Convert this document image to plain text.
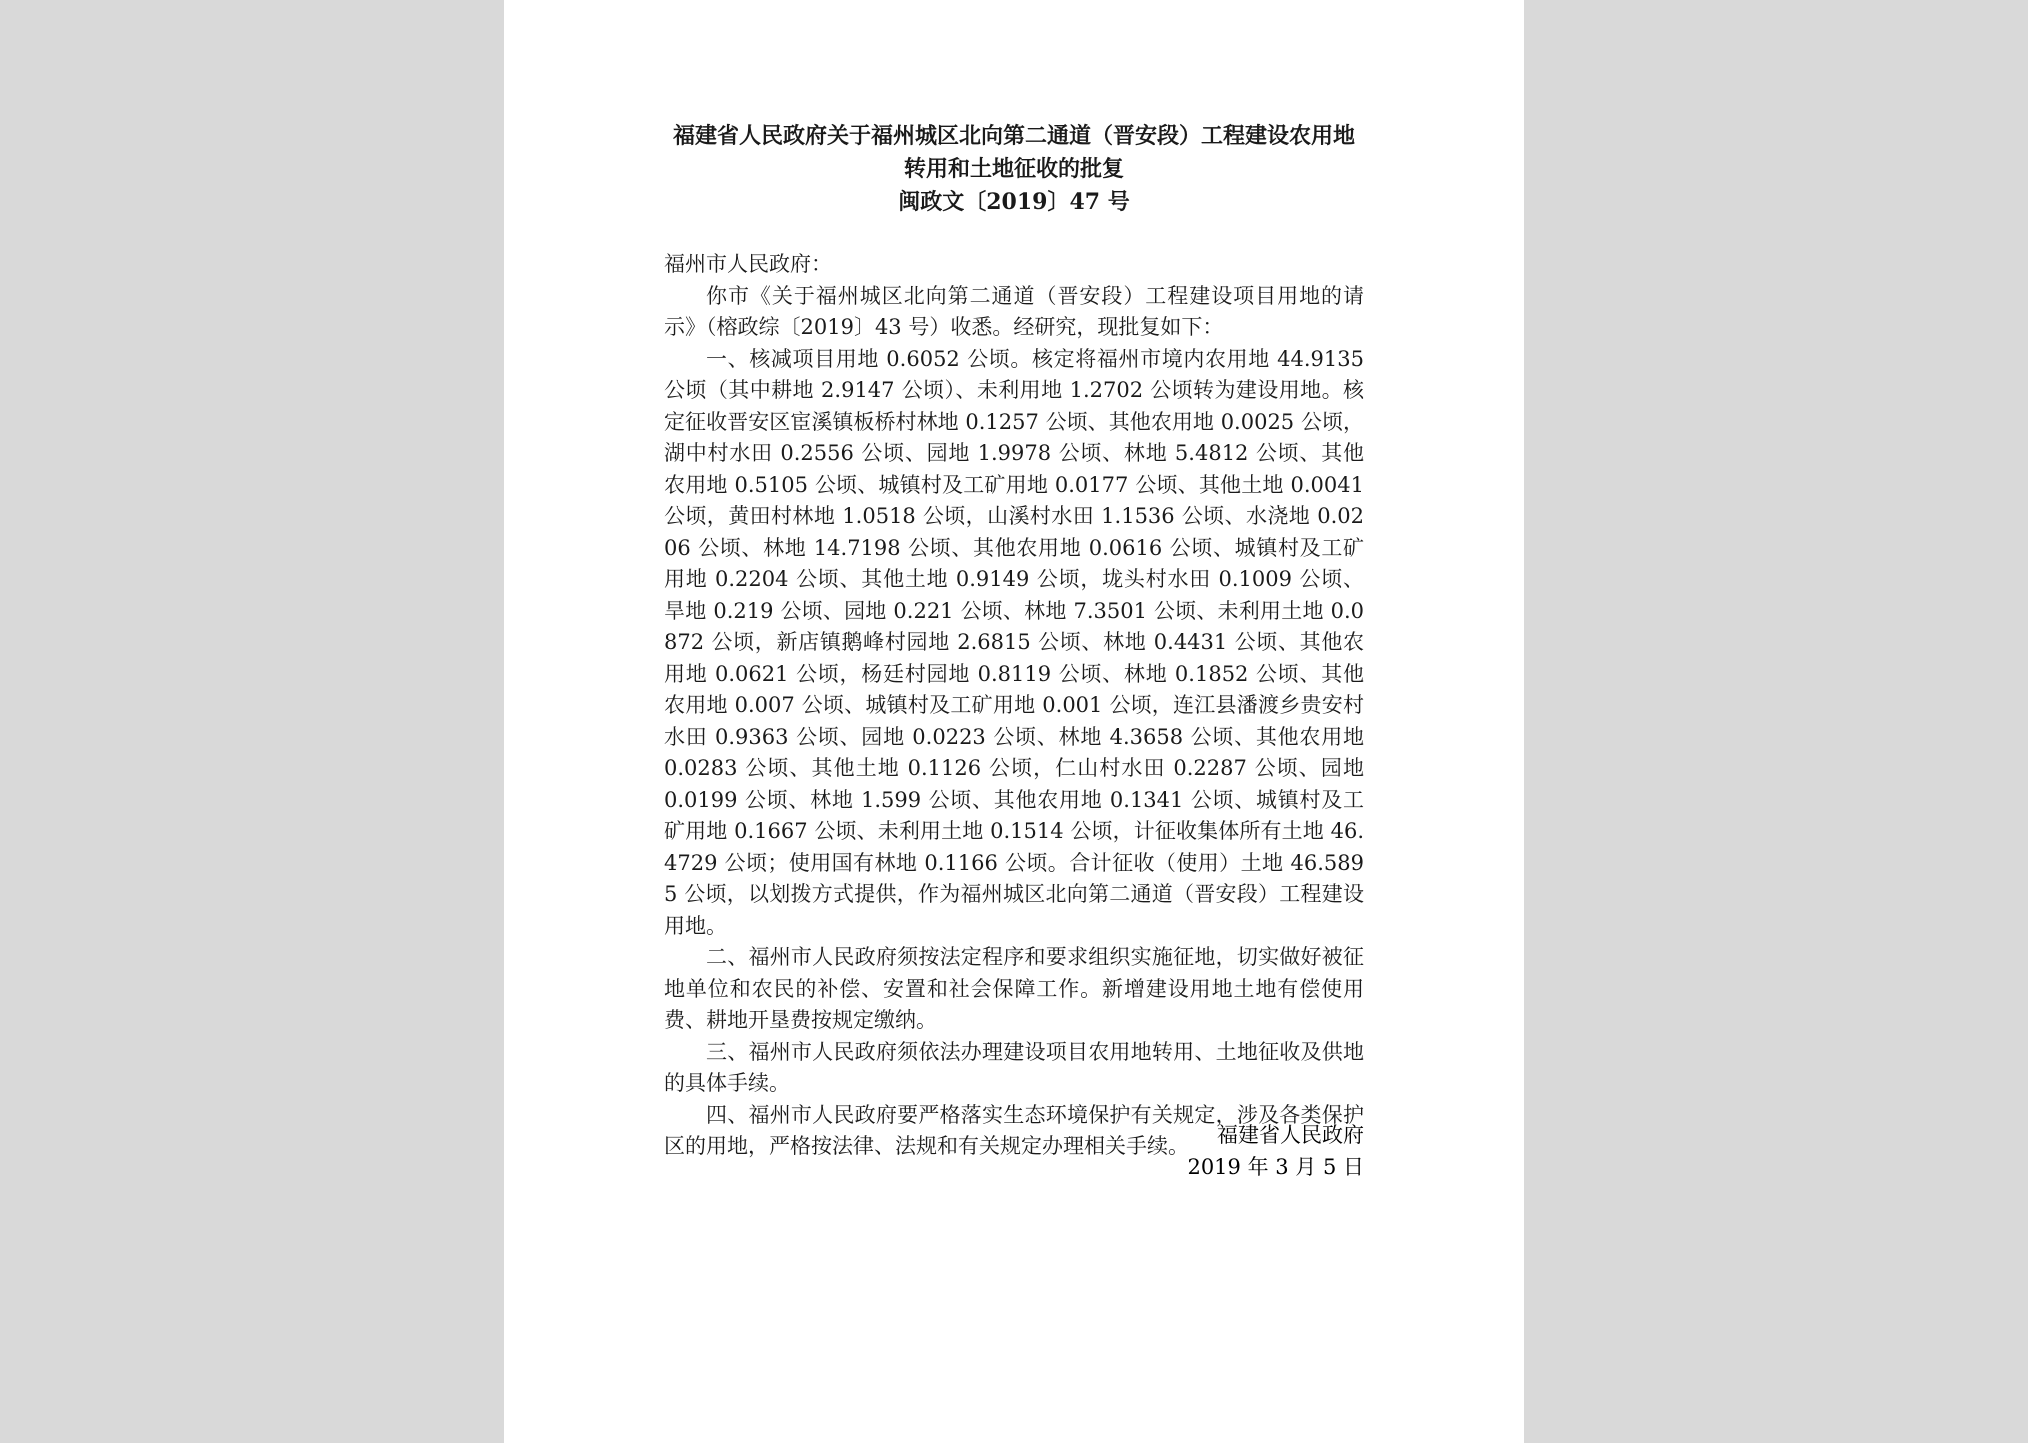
福建省人民政府关于福州城区北向第二通道（晋安段）工程建设农用地转用和土地征收的批复
闽政文〔2019〕47 号

福州市人民政府：

你市《关于福州城区北向第二通道（晋安段）工程建设项目用地的请示》（榕政综〔2019〕43 号）收悉。经研究，现批复如下：

一、核减项目用地 0.6052 公顷。核定将福州市境内农用地 44.9135 公顷（其中耕地 2.9147 公顷）、未利用地 1.2702 公顷转为建设用地。核定征收晋安区宦溪镇板桥村林地 0.1257 公顷、其他农用地 0.0025 公顷，湖中村水田 0.2556 公顷、园地 1.9978 公顷、林地 5.4812 公顷、其他农用地 0.5105 公顷、城镇村及工矿用地 0.0177 公顷、其他土地 0.0041 公顷，黄田村林地 1.0518 公顷，山溪村水田 1.1536 公顷、水浇地 0.0206 公顷、林地 14.7198 公顷、其他农用地 0.0616 公顷、城镇村及工矿用地 0.2204 公顷、其他土地 0.9149 公顷，垅头村水田 0.1009 公顷、旱地 0.219 公顷、园地 0.221 公顷、林地 7.3501 公顷、未利用土地 0.0872 公顷，新店镇鹅峰村园地 2.6815 公顷、林地 0.4431 公顷、其他农用地 0.0621 公顷，杨廷村园地 0.8119 公顷、林地 0.1852 公顷、其他农用地 0.007 公顷、城镇村及工矿用地 0.001 公顷，连江县潘渡乡贵安村水田 0.9363 公顷、园地 0.0223 公顷、林地 4.3658 公顷、其他农用地 0.0283 公顷、其他土地 0.1126 公顷，仁山村水田 0.2287 公顷、园地 0.0199 公顷、林地 1.599 公顷、其他农用地 0.1341 公顷、城镇村及工矿用地 0.1667 公顷、未利用土地 0.1514 公顷，计征收集体所有土地 46.4729 公顷；使用国有林地 0.1166 公顷。合计征收（使用）土地 46.5895 公顷，以划拨方式提供，作为福州城区北向第二通道（晋安段）工程建设用地。

二、福州市人民政府须按法定程序和要求组织实施征地，切实做好被征地单位和农民的补偿、安置和社会保障工作。新增建设用地土地有偿使用费、耕地开垦费按规定缴纳。

三、福州市人民政府须依法办理建设项目农用地转用、土地征收及供地的具体手续。

四、福州市人民政府要严格落实生态环境保护有关规定，涉及各类保护区的用地，严格按法律、法规和有关规定办理相关手续。	福建省人民政府
2019 年 3 月 5 日
